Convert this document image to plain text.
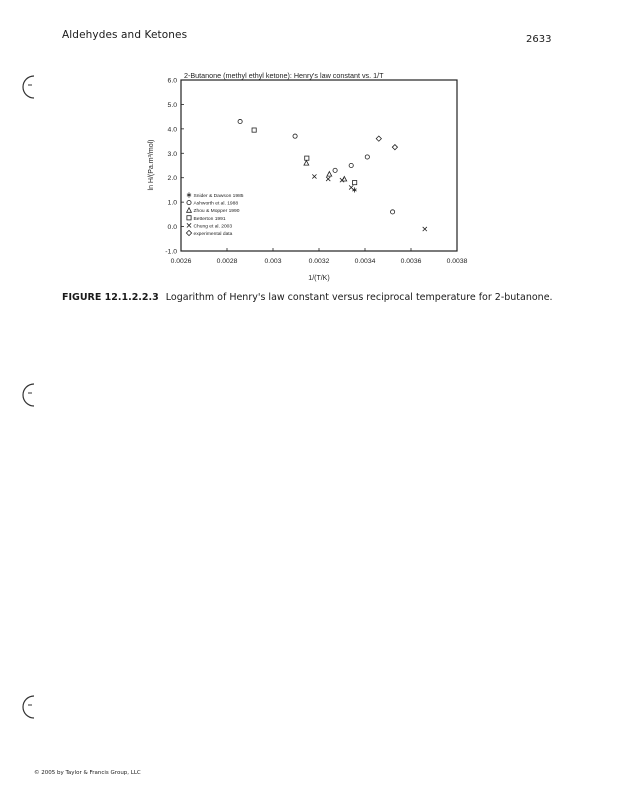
Aldehydes and Ketones	2633
2-Butanone (methyl ethyl ketone): Henry's law constant vs. 1/T
1/(T/K)
ln H/(Pa.m³/mol)
0.0026	0.0028	0.003	0.0032	0.0034	0.0036	0.0038
-1.0
0.0
1.0
2.0
3.0
4.0
5.0
6.0
Snider & Dawson 1985
Ashworth et al. 1988
Zhou & Mopper 1990
Betterton 1991
Chung et al. 2003
experimental data
FIGURE 12.1.2.2.3 Logarithm of Henry's law constant versus reciprocal temperature for 2-butanone.
© 2005 by Taylor & Francis Group, LLC
